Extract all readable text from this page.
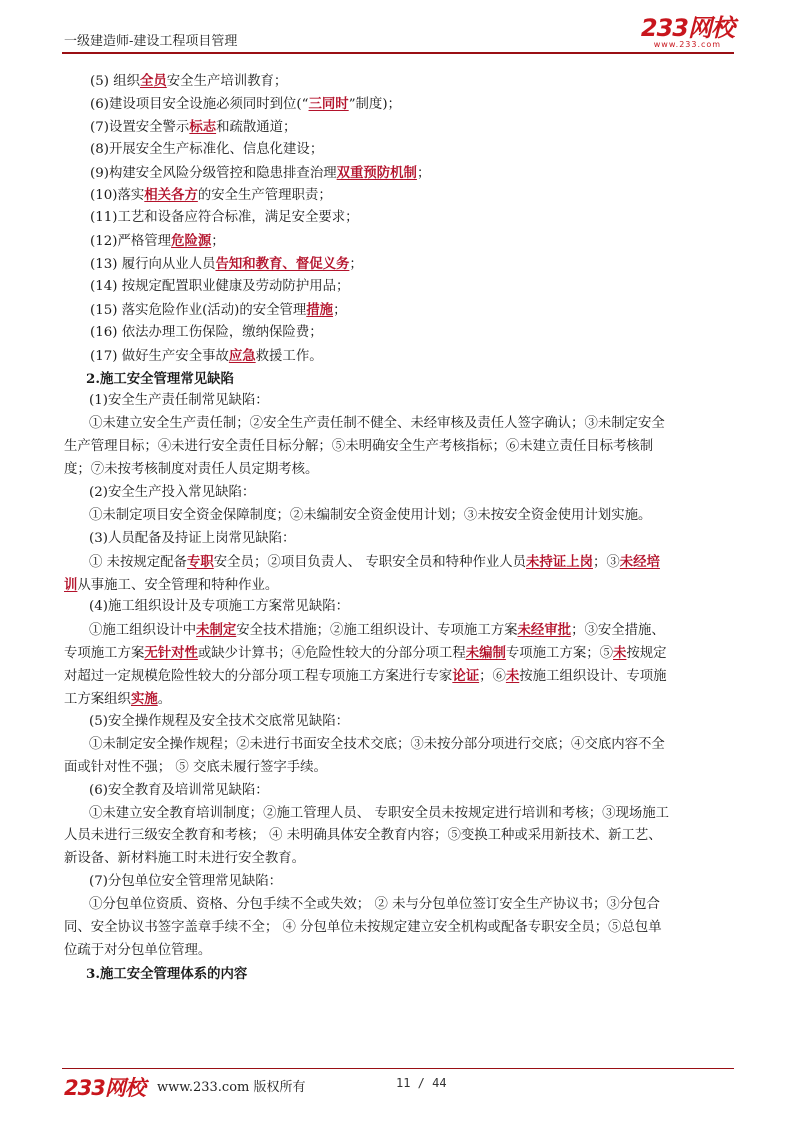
一级建造师-建设工程项目管理	233网校
www.233.com
(5) 组织全员安全生产培训教育；
(6)建设项目安全设施必须同时到位(“三同时”制度)；
(7)设置安全警示标志和疏散通道；
(8)开展安全生产标准化、信息化建设；
(9)构建安全风险分级管控和隐患排查治理双重预防机制；
(10)落实相关各方的安全生产管理职责；
(11)工艺和设备应符合标准，满足安全要求；
(12)严格管理危险源；
(13) 履行向从业人员告知和教育、督促义务；
(14) 按规定配置职业健康及劳动防护用品；
(15) 落实危险作业(活动)的安全管理措施；
(16) 依法办理工伤保险，缴纳保险费；
(17) 做好生产安全事故应急救援工作。
2.施工安全管理常见缺陷
(1)安全生产责任制常见缺陷：
①未建立安全生产责任制；②安全生产责任制不健全、未经审核及责任人签字确认；③未制定安全
生产管理目标；④未进行安全责任目标分解；⑤未明确安全生产考核指标；⑥未建立责任目标考核制
度；⑦未按考核制度对责任人员定期考核。
(2)安全生产投入常见缺陷：
①未制定项目安全资金保障制度；②未编制安全资金使用计划；③未按安全资金使用计划实施。
(3)人员配备及持证上岗常见缺陷：
① 未按规定配备专职安全员；②项目负责人、 专职安全员和特种作业人员未持证上岗；③未经培
训从事施工、安全管理和特种作业。
(4)施工组织设计及专项施工方案常见缺陷：
①施工组织设计中未制定安全技术措施；②施工组织设计、专项施工方案未经审批；③安全措施、
专项施工方案无针对性或缺少计算书；④危险性较大的分部分项工程未编制专项施工方案；⑤未按规定
对超过一定规模危险性较大的分部分项工程专项施工方案进行专家论证；⑥未按施工组织设计、专项施
工方案组织实施。
(5)安全操作规程及安全技术交底常见缺陷：
①未制定安全操作规程；②未进行书面安全技术交底；③未按分部分项进行交底；④交底内容不全
面或针对性不强； ⑤ 交底未履行签字手续。
(6)安全教育及培训常见缺陷：
①未建立安全教育培训制度；②施工管理人员、 专职安全员未按规定进行培训和考核；③现场施工
人员未进行三级安全教育和考核； ④ 未明确具体安全教育内容；⑤变换工种或采用新技术、新工艺、
新设备、新材料施工时未进行安全教育。
(7)分包单位安全管理常见缺陷：
①分包单位资质、资格、分包手续不全或失效； ② 未与分包单位签订安全生产协议书；③分包合
同、安全协议书签字盖章手续不全； ④ 分包单位未按规定建立安全机构或配备专职安全员；⑤总包单
位疏于对分包单位管理。
3.施工安全管理体系的内容
233网校 www.233.com 版权所有	11 / 44
